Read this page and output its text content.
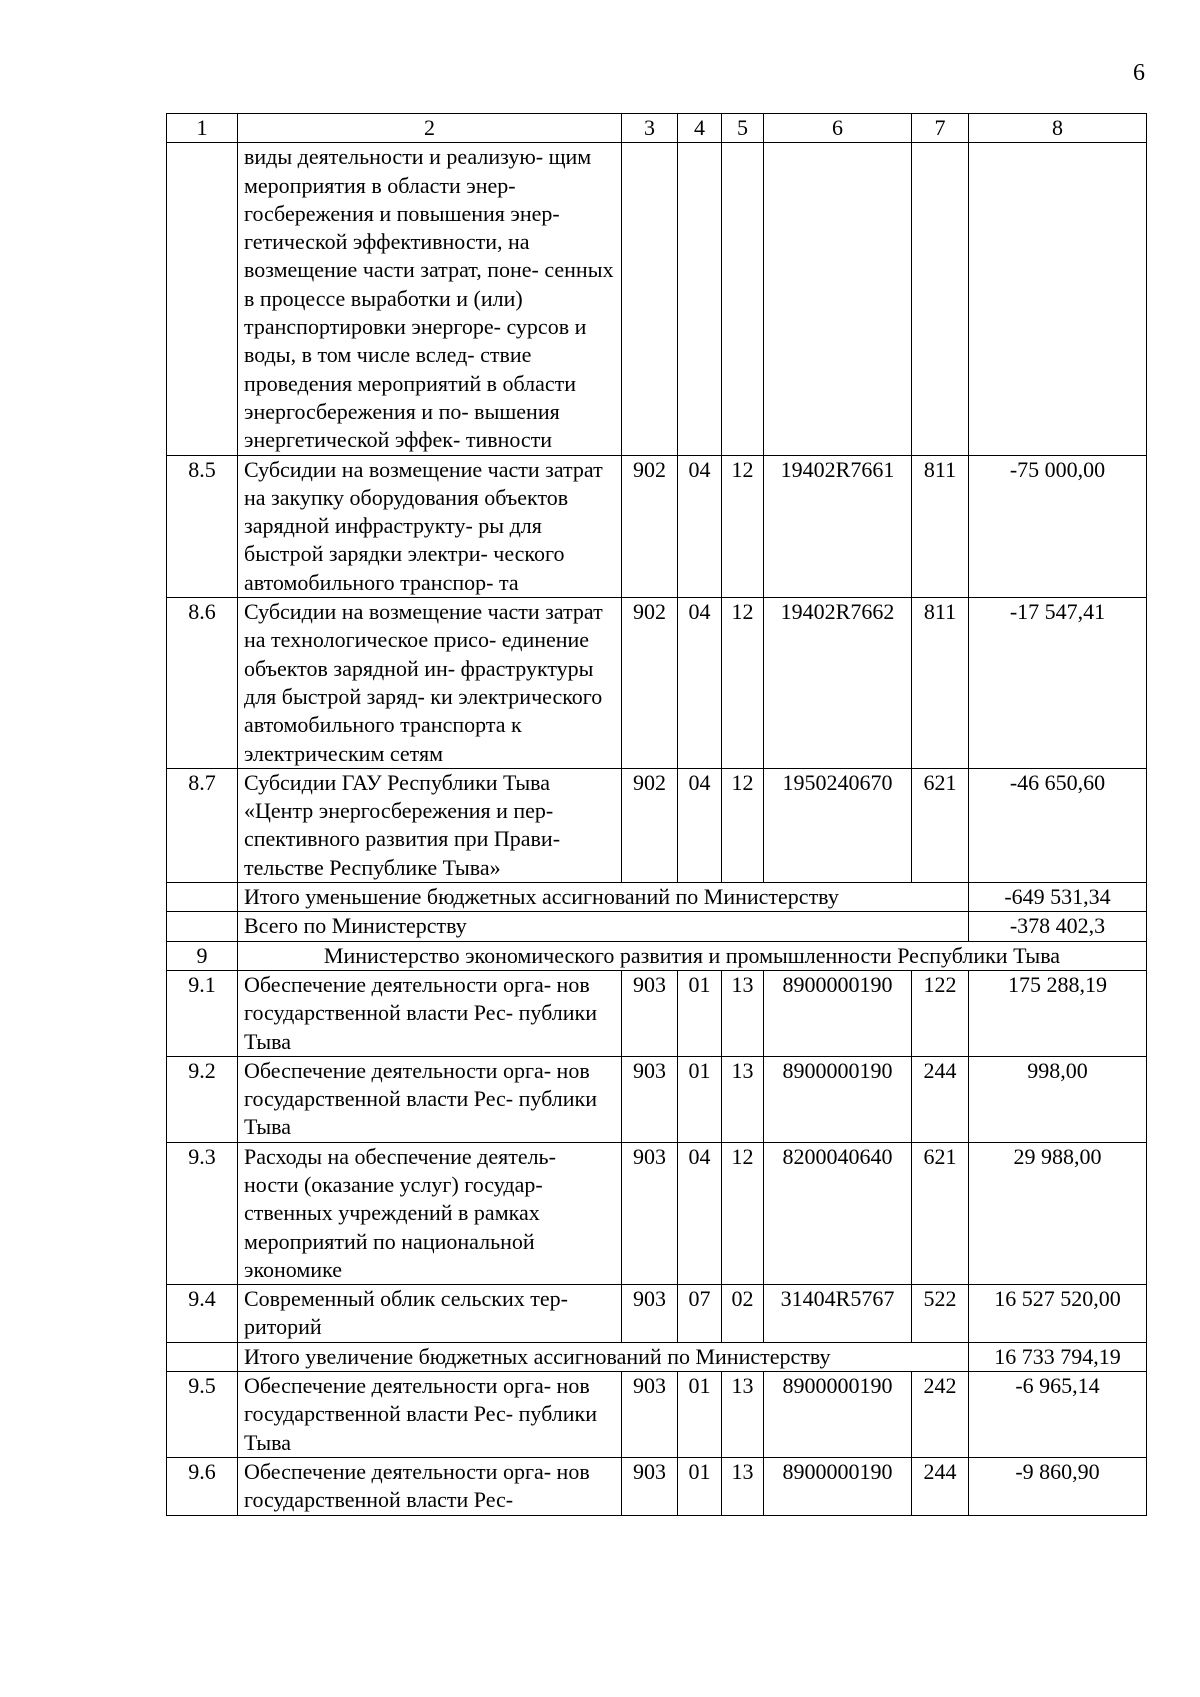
6
1	2	3	4	5	6	7	8
	виды деятельности и реализую- щим мероприятия в области энер- госбережения и повышения энер- гетической эффективности, на возмещение части затрат, поне- сенных в процессе выработки и (или) транспортировки энергоре- сурсов и воды, в том числе вслед- ствие проведения мероприятий в области энергосбережения и по- вышения энергетической эффек- тивности						
8.5	Субсидии на возмещение части затрат на закупку оборудования объектов зарядной инфраструкту- ры для быстрой зарядки электри- ческого автомобильного транспор- та	902	04	12	19402R7661	811	-75 000,00
8.6	Субсидии на возмещение части затрат на технологическое присо- единение объектов зарядной ин- фраструктуры для быстрой заряд- ки электрического автомобильного транспорта к электрическим сетям	902	04	12	19402R7662	811	-17 547,41
8.7	Субсидии ГАУ Республики Тыва «Центр энергосбережения и пер- спективного развития при Прави- тельстве Республике Тыва»	902	04	12	1950240670	621	-46 650,60
	Итого уменьшение бюджетных ассигнований по Министерству						-649 531,34
	Всего по Министерству						-378 402,3
9	Министерство экономического развития и промышленности Республики Тыва						
9.1	Обеспечение деятельности орга- нов государственной власти Рес- публики Тыва	903	01	13	8900000190	122	175 288,19
9.2	Обеспечение деятельности орга- нов государственной власти Рес- публики Тыва	903	01	13	8900000190	244	998,00
9.3	Расходы на обеспечение деятель- ности (оказание услуг) государ- ственных учреждений в рамках мероприятий по национальной экономике	903	04	12	8200040640	621	29 988,00
9.4	Современный облик сельских тер- риторий	903	07	02	31404R5767	522	16 527 520,00
	Итого увеличение бюджетных ассигнований по Министерству						16 733 794,19
9.5	Обеспечение деятельности орга- нов государственной власти Рес- публики Тыва	903	01	13	8900000190	242	-6 965,14
9.6	Обеспечение деятельности орга- нов государственной власти Рес-	903	01	13	8900000190	244	-9 860,90
